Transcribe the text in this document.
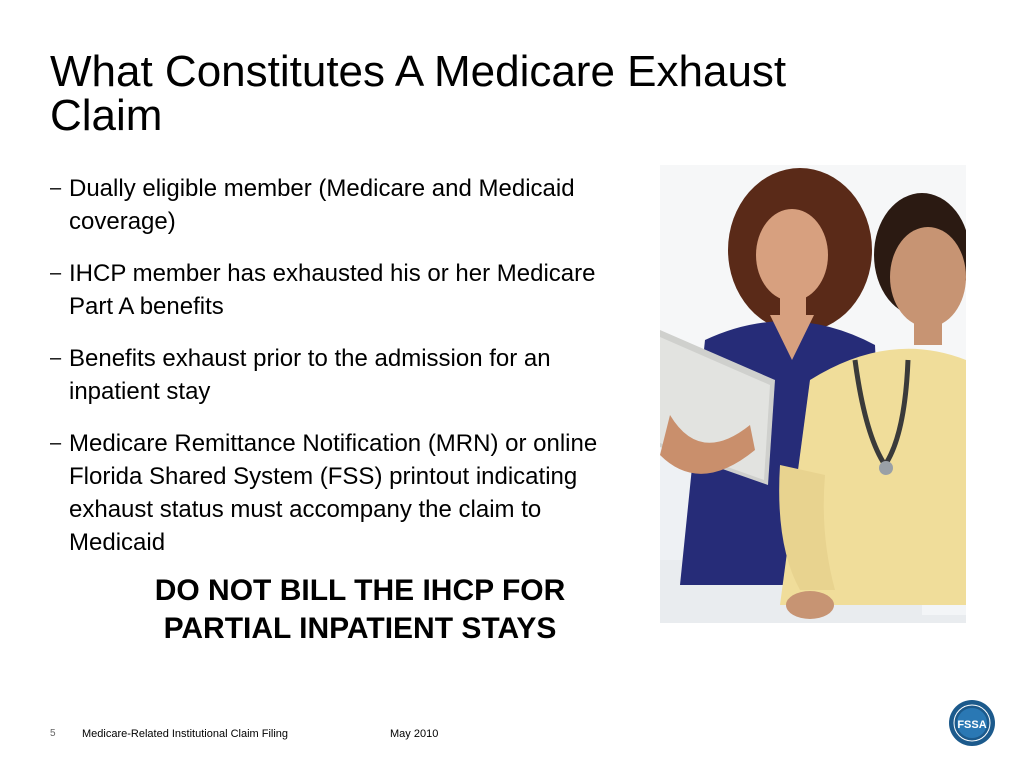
What Constitutes A Medicare Exhaust Claim
– Dually eligible member (Medicare and Medicaid coverage)
– IHCP member has exhausted his or her Medicare Part A benefits
– Benefits exhaust prior to the admission for an inpatient stay
– Medicare Remittance Notification (MRN) or online Florida Shared System (FSS) printout indicating exhaust status must accompany the claim to Medicaid
DO NOT BILL THE IHCP FOR
PARTIAL INPATIENT STAYS
5 Medicare-Related Institutional Claim Filing	May 2010
FSSA
